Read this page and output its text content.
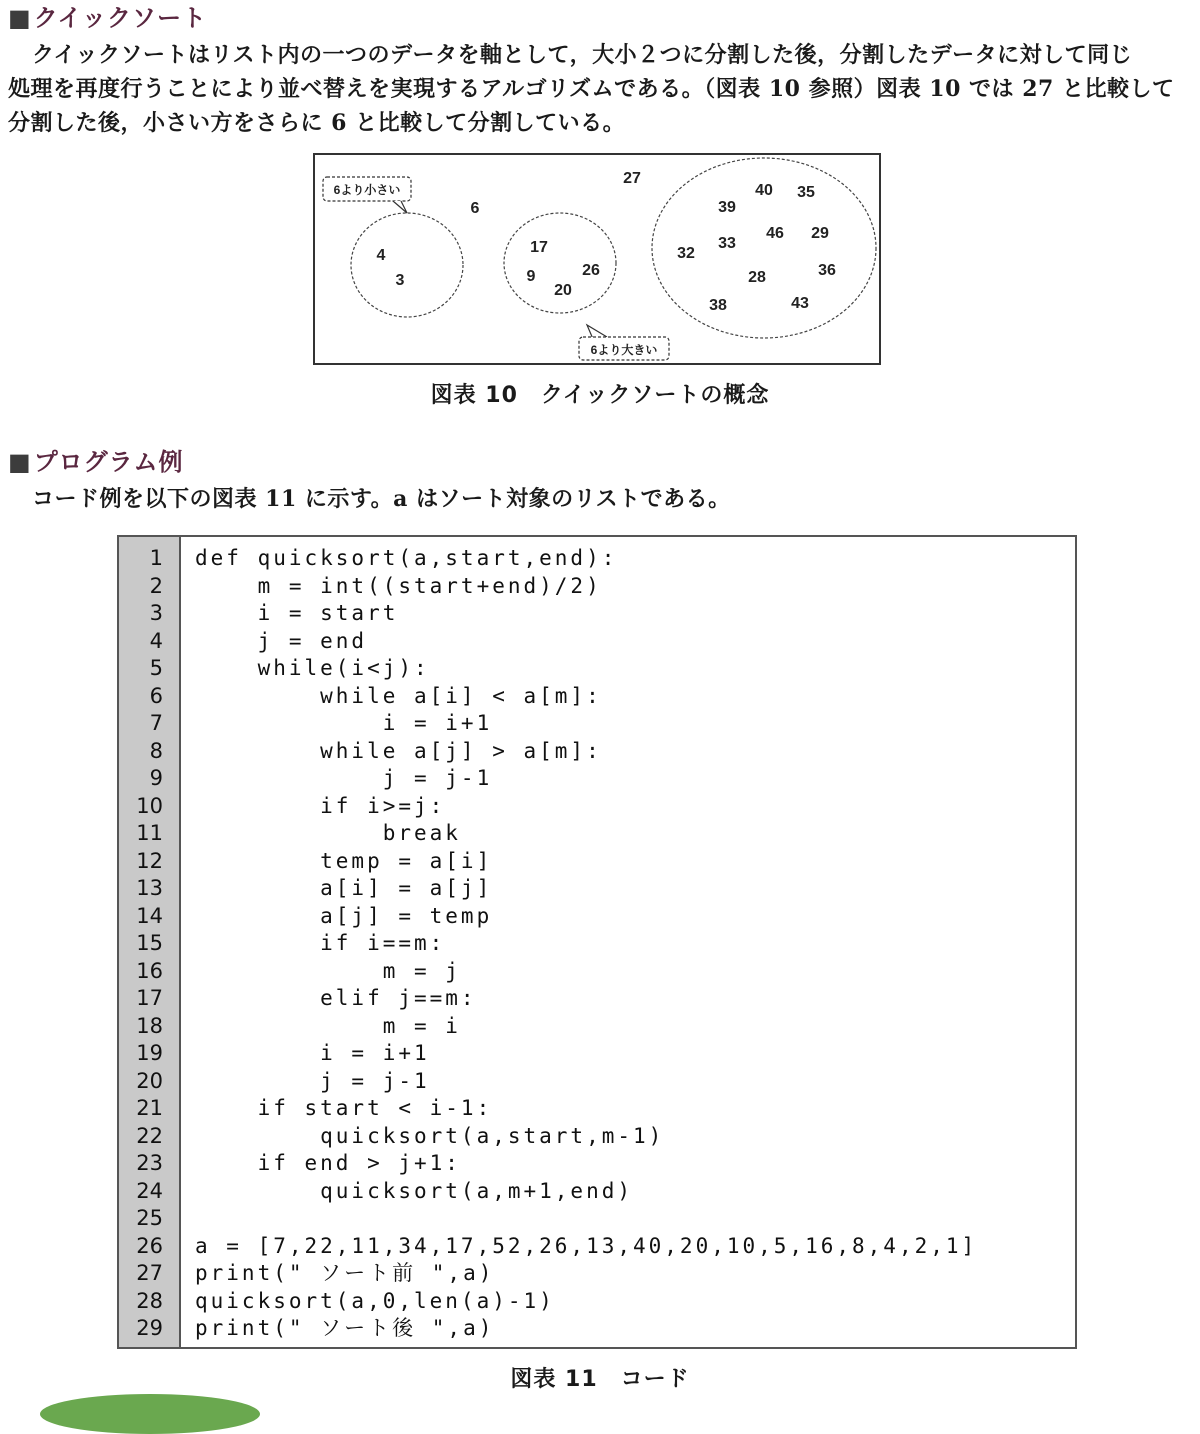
■クイックソート

クイックソートはリスト内の一つのデータを軸として，大小２つに分割した後，分割したデータに対して同じ
処理を再度行うことにより並べ替えを実現するアルゴリズムである。（図表 10 参照）図表 10 では 27 と比較して
分割した後，小さい方をさらに 6 と比較して分割している。

6より小さい
6より大きい
27
6
4
3
17
9
20
26
40 35
39
46 29
33
32
28	36
38	43

図表 10　クイックソートの概念

■プログラム例

コード例を以下の図表 11 に示す。a はソート対象のリストである。

1 def quicksort(a,start,end):
2 m = int((start+end)/2)
3 i = start
4 j = end
5 while(i<j):
6 while a[i] < a[m]:
7 i = i+1
8 while a[j] > a[m]:
9 j = j-1
10 if i>=j:
11 break
12 temp = a[i]
13 a[i] = a[j]
14 a[j] = temp
15 if i==m:
16 m = j
17 elif j==m:
18 m = i
19 i = i+1
20 j = j-1
21 if start < i-1:
22 quicksort(a,start,m-1)
23 if end > j+1:
24 quicksort(a,m+1,end)
25
26 a = [7,22,11,34,17,52,26,13,40,20,10,5,16,8,4,2,1]
27 print(" ソート前 ",a)
28 quicksort(a,0,len(a)-1)
29 print(" ソート後 ",a)

図表 11　コード
